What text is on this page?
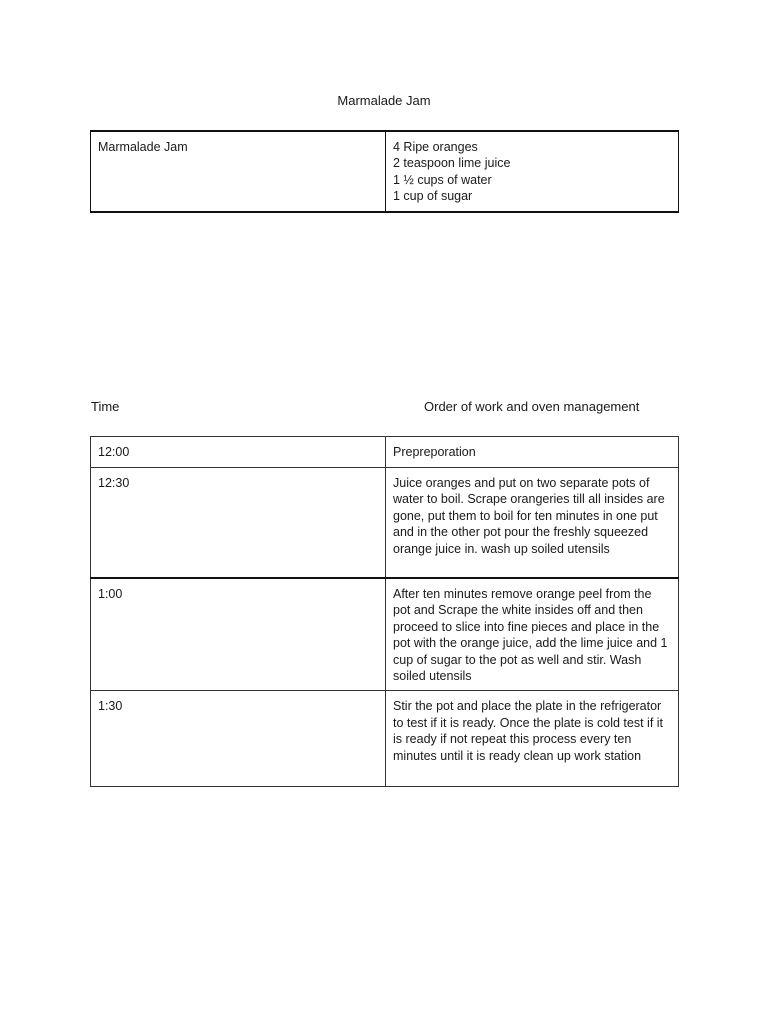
Marmalade Jam
Marmalade Jam	4 Ripe oranges
2 teaspoon lime juice
1 ½ cups of water
1 cup of sugar
Time	Order of work and oven management
12:00	Prepreporation
12:30	Juice oranges and put on two separate pots of water to boil. Scrape orangeries till all insides are gone, put them to boil for ten minutes in one put and in the other pot pour the freshly squeezed orange juice in. wash up soiled utensils
1:00	After ten minutes remove orange peel from the pot and Scrape the white insides off and then proceed to slice into fine pieces and place in the pot with the orange juice, add the lime juice and 1 cup of sugar to the pot as well and stir. Wash soiled utensils
1:30	Stir the pot and place the plate in the refrigerator to test if it is ready. Once the plate is cold test if it is ready if not repeat this process every ten minutes until it is ready clean up work station
